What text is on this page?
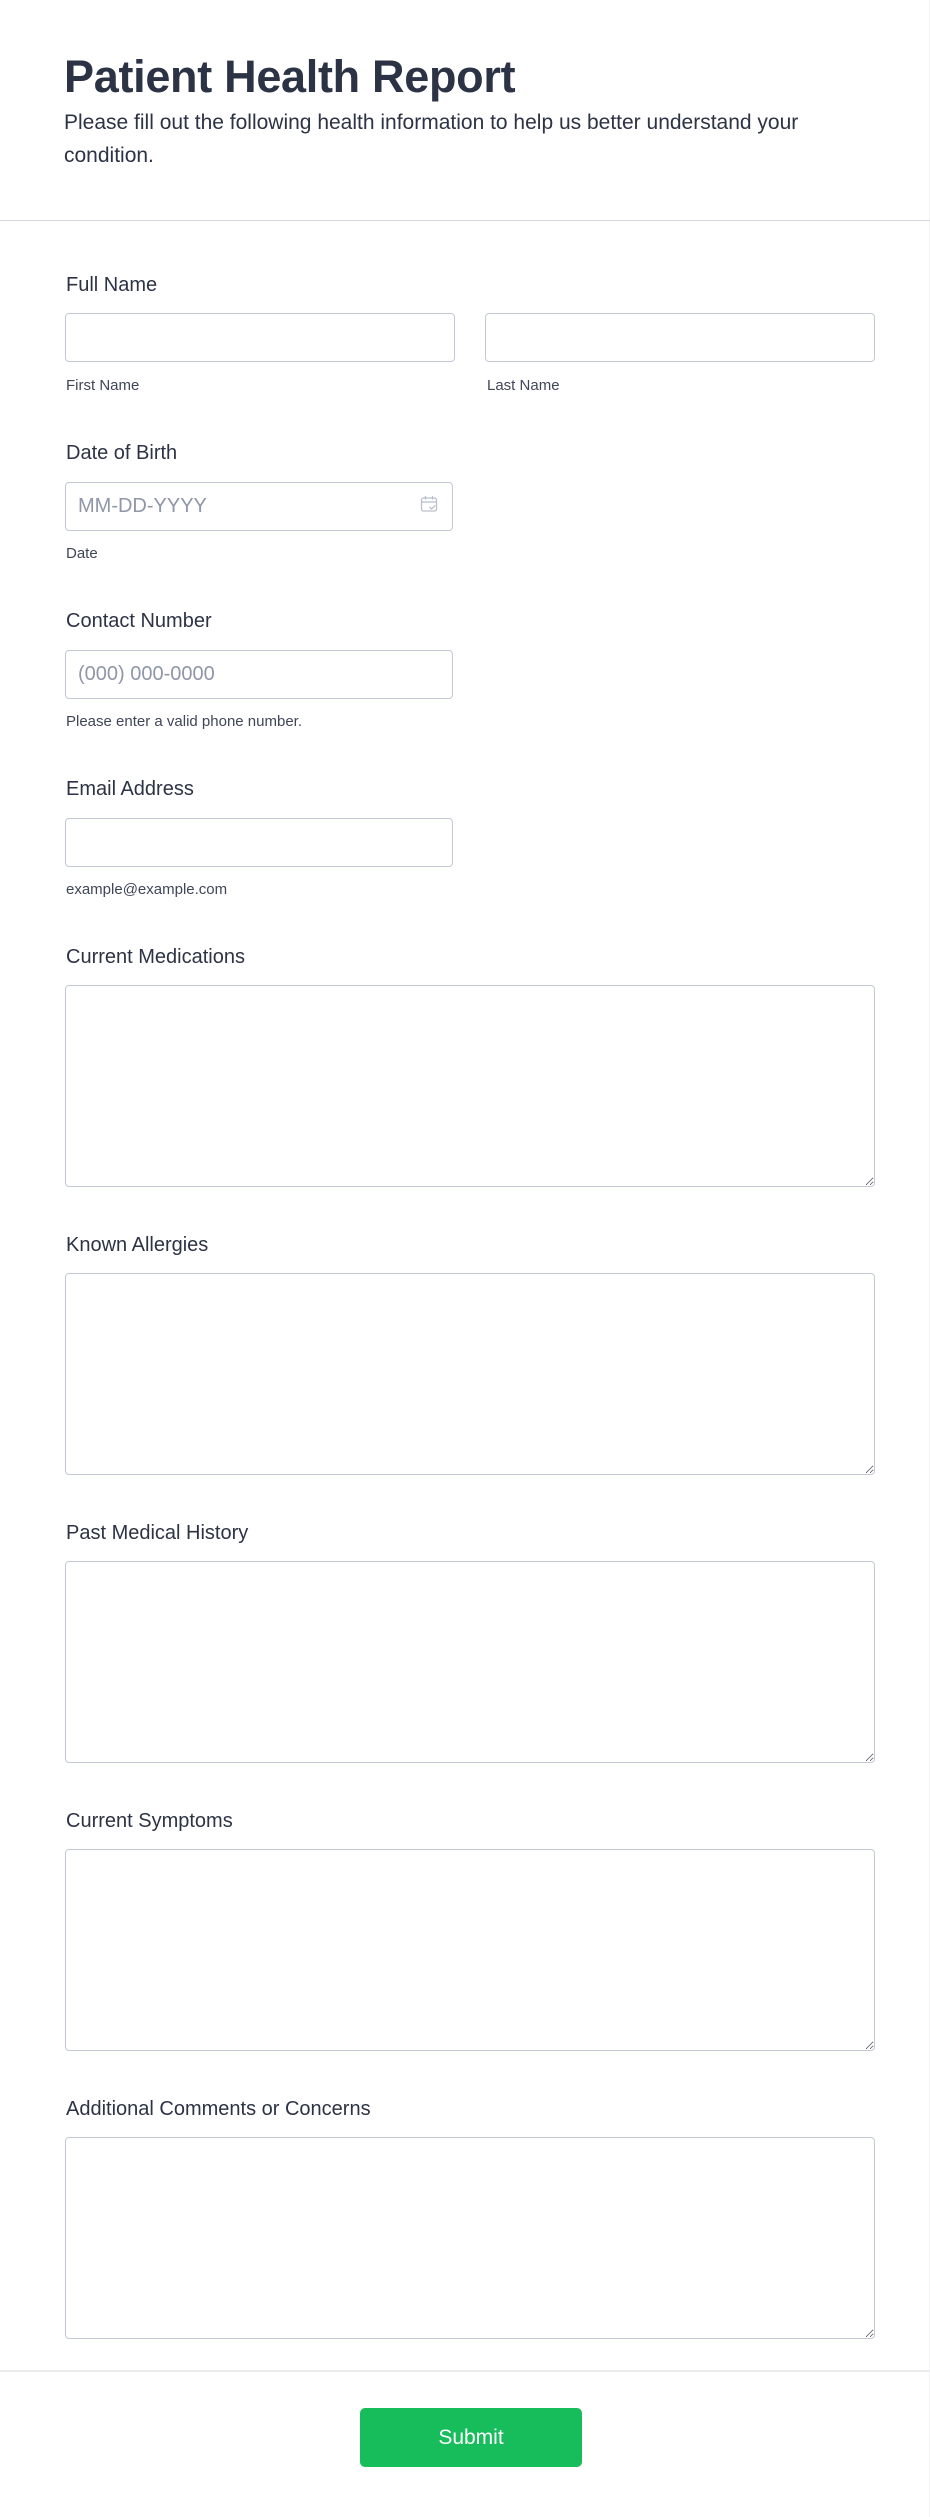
Patient Health Report

Please fill out the following health information to help us better understand your condition.

Full Name
First Name	Last Name
Date of Birth
MM-DD-YYYY
Date
Contact Number
(000) 000-0000
Please enter a valid phone number.
Email Address
example@example.com
Current Medications
Known Allergies
Past Medical History
Current Symptoms
Additional Comments or Concerns
Submit
